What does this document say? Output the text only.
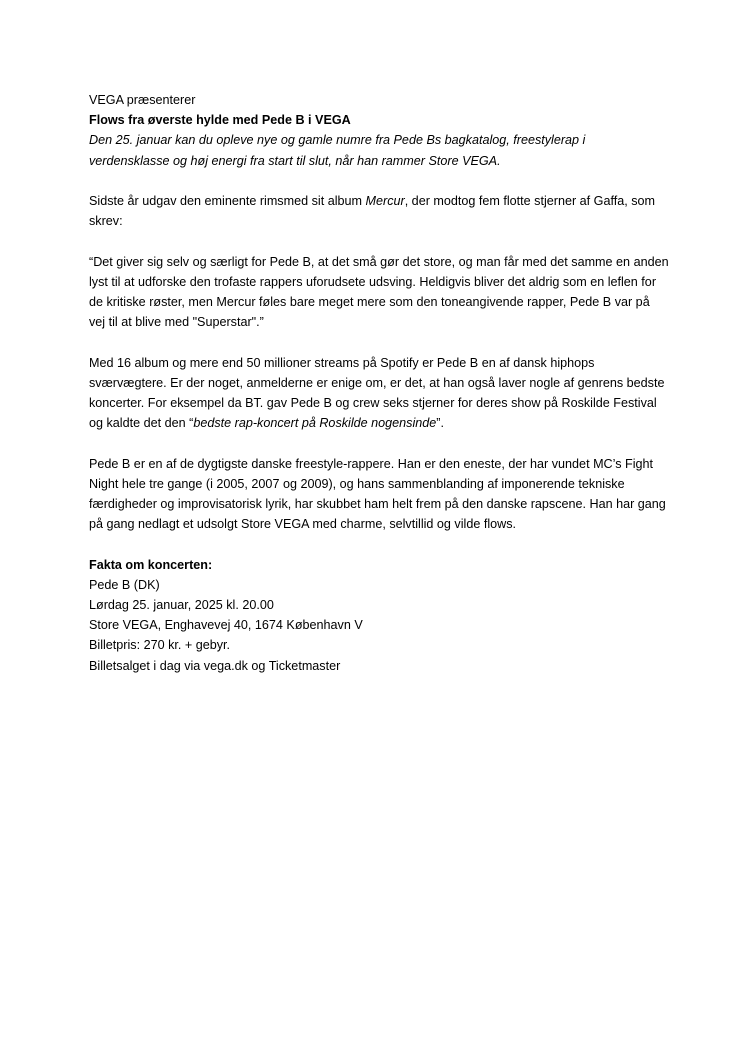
VEGA præsenterer

Flows fra øverste hylde med Pede B i VEGA

Den 25. januar kan du opleve nye og gamle numre fra Pede Bs bagkatalog, freestylerap i verdensklasse og høj energi fra start til slut, når han rammer Store VEGA.

Sidste år udgav den eminente rimsmed sit album Mercur, der modtog fem flotte stjerner af Gaffa, som skrev:

“Det giver sig selv og særligt for Pede B, at det små gør det store, og man får med det samme en anden lyst til at udforske den trofaste rappers uforudsete udsving. Heldigvis bliver det aldrig som en leflen for de kritiske røster, men Mercur føles bare meget mere som den toneangivende rapper, Pede B var på vej til at blive med "Superstar".”

Med 16 album og mere end 50 millioner streams på Spotify er Pede B en af dansk hiphops sværvægtere. Er der noget, anmelderne er enige om, er det, at han også laver nogle af genrens bedste koncerter. For eksempel da BT. gav Pede B og crew seks stjerner for deres show på Roskilde Festival og kaldte det den “bedste rap-koncert på Roskilde nogensinde”.

Pede B er en af de dygtigste danske freestyle-rappere. Han er den eneste, der har vundet MC’s Fight Night hele tre gange (i 2005, 2007 og 2009), og hans sammenblanding af imponerende tekniske færdigheder og improvisatorisk lyrik, har skubbet ham helt frem på den danske rapscene. Han har gang på gang nedlagt et udsolgt Store VEGA med charme, selvtillid og vilde flows.

Fakta om koncerten:

Pede B (DK)

Lørdag 25. januar, 2025 kl. 20.00

Store VEGA, Enghavevej 40, 1674 København V

Billetpris: 270 kr. + gebyr.

Billetsalget i dag via vega.dk og Ticketmaster
